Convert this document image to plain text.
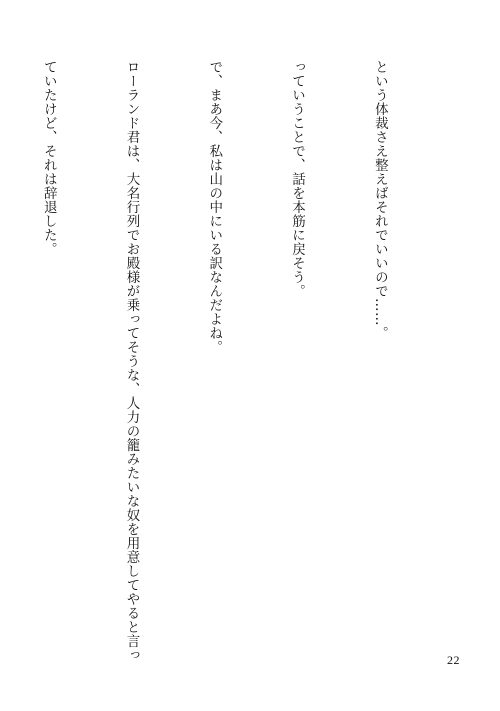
という体裁さえ整えばそれでいいので……。

っていうことで、話を本筋に戻そう。

で、まあ今、私は山の中にいる訳なんだよね。

ローランド君は、大名行列でお殿様が乗ってそうな、人力の籠みたいな奴を用意してやると言っ

ていたけど、それは辞退した。

22
